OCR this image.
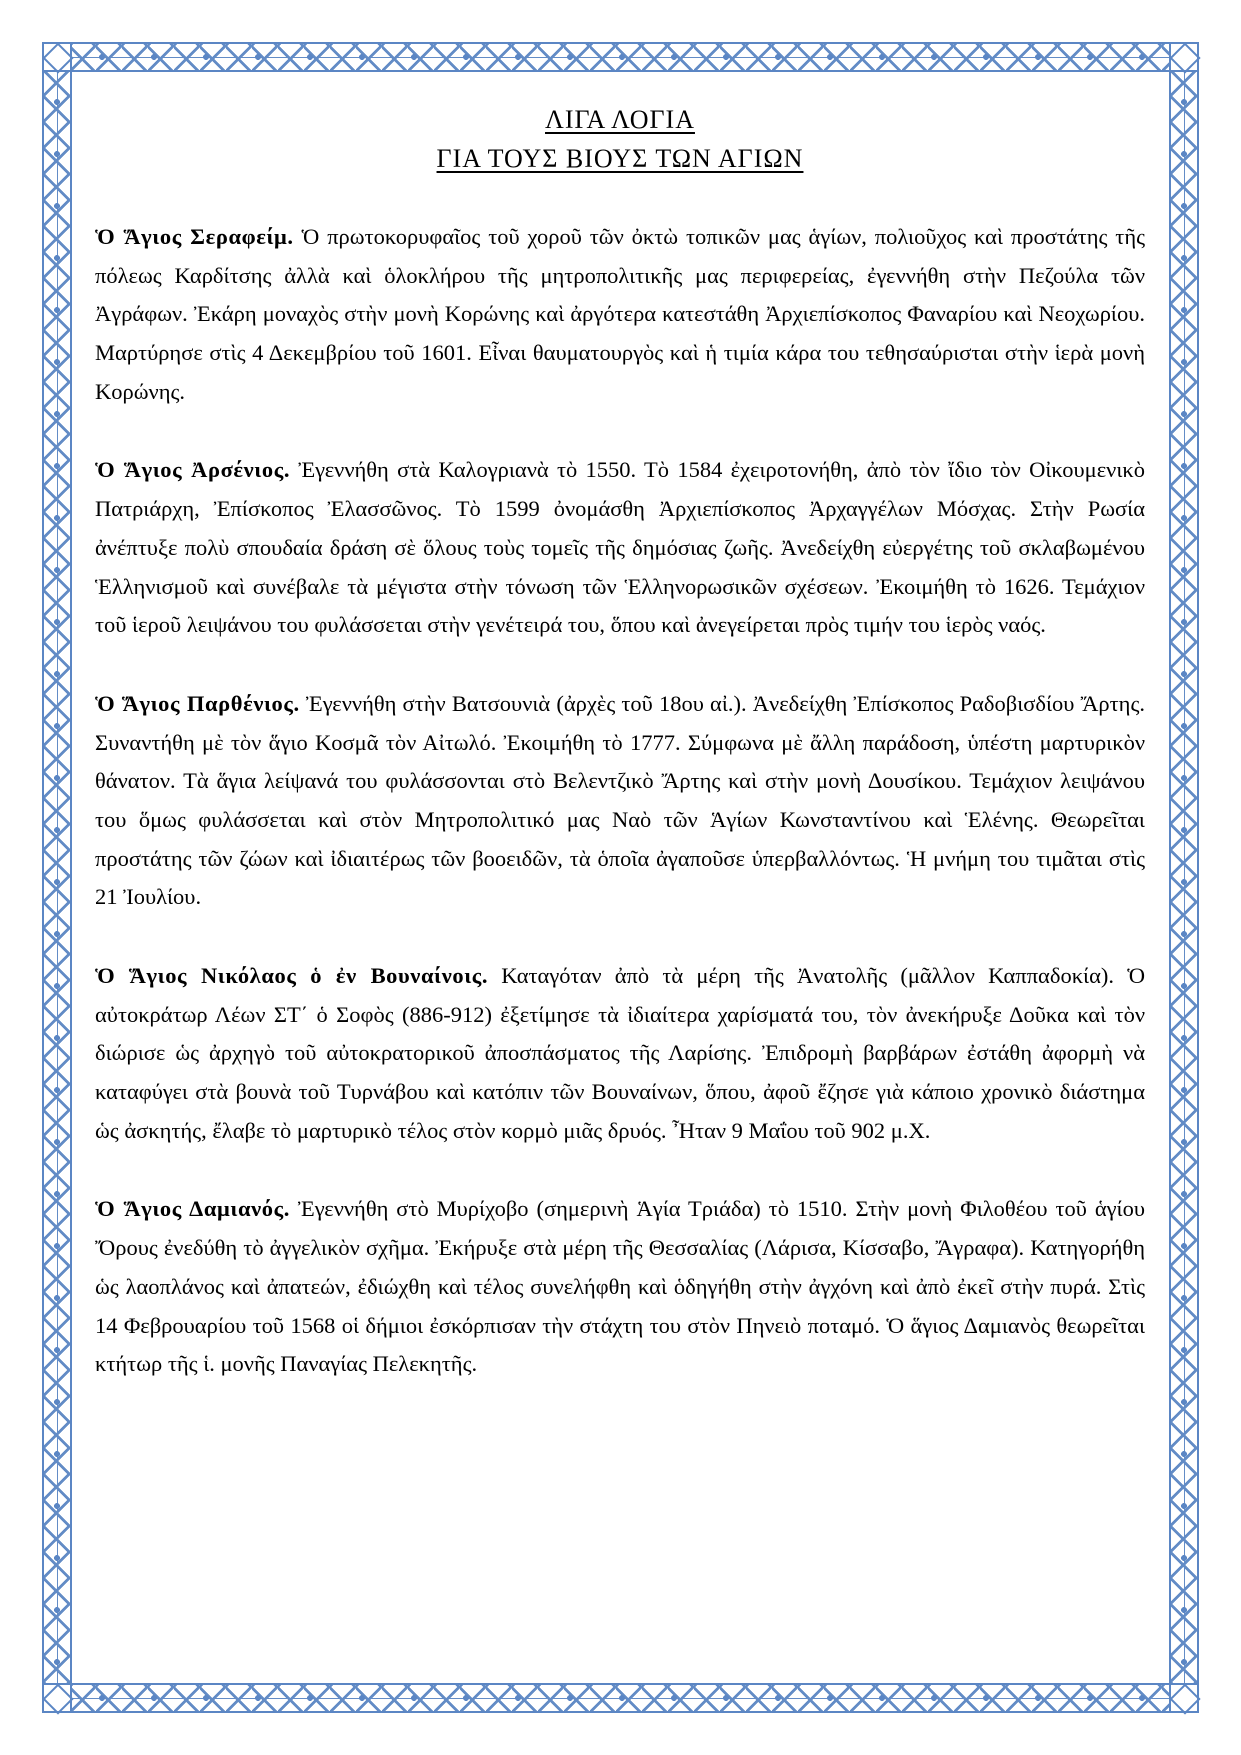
ΛΙΓΑ ΛΟΓΙΑ
ΓΙΑ ΤΟΥΣ ΒΙΟΥΣ ΤΩΝ ΑΓΙΩΝ

Ὁ Ἅγιος Σεραφείμ. Ὁ πρωτοκορυφαῖος τοῦ χοροῦ τῶν ὀκτὼ τοπικῶν μας ἁγίων, πολιοῦχος καὶ προστάτης τῆς πόλεως Καρδίτσης ἀλλὰ καὶ ὁλοκλήρου τῆς μητροπολιτικῆς μας περιφερείας, ἐγεννήθη στὴν Πεζούλα τῶν Ἀγράφων. Ἐκάρη μοναχὸς στὴν μονὴ Κορώνης καὶ ἀργότερα κατεστάθη Ἀρχιεπίσκοπος Φαναρίου καὶ Νεοχωρίου. Μαρτύρησε στὶς 4 Δεκεμβρίου τοῦ 1601. Εἶναι θαυματουργὸς καὶ ἡ τιμία κάρα του τεθησαύρισται στὴν ἱερὰ μονὴ Κορώνης.

Ὁ Ἅγιος Ἀρσένιος. Ἐγεννήθη στὰ Καλογριανὰ τὸ 1550. Τὸ 1584 ἐχειροτονήθη, ἀπὸ τὸν ἴδιο τὸν Οἰκουμενικὸ Πατριάρχη, Ἐπίσκοπος Ἐλασσῶνος. Τὸ 1599 ὀνομάσθη Ἀρχιεπίσκοπος Ἀρχαγγέλων Μόσχας. Στὴν Ρωσία ἀνέπτυξε πολὺ σπουδαία δράση σὲ ὅλους τοὺς τομεῖς τῆς δημόσιας ζωῆς. Ἀνεδείχθη εὐεργέτης τοῦ σκλαβωμένου Ἑλληνισμοῦ καὶ συνέβαλε τὰ μέγιστα στὴν τόνωση τῶν Ἑλληνορωσικῶν σχέσεων. Ἐκοιμήθη τὸ 1626. Τεμάχιον τοῦ ἱεροῦ λειψάνου του φυλάσσεται στὴν γενέτειρά του, ὅπου καὶ ἀνεγείρεται πρὸς τιμήν του ἱερὸς ναός.

Ὁ Ἅγιος Παρθένιος. Ἐγεννήθη στὴν Βατσουνιὰ (ἀρχὲς τοῦ 18ου αἰ.). Ἀνεδείχθη Ἐπίσκοπος Ραδοβισδίου Ἄρτης. Συναντήθη μὲ τὸν ἅγιο Κοσμᾶ τὸν Αἰτωλό. Ἐκοιμήθη τὸ 1777. Σύμφωνα μὲ ἄλλη παράδοση, ὑπέστη μαρτυρικὸν θάνατον. Τὰ ἅγια λείψανά του φυλάσσονται στὸ Βελεντζικὸ Ἄρτης καὶ στὴν μονὴ Δουσίκου. Τεμάχιον λειψάνου του ὅμως φυλάσσεται καὶ στὸν Μητροπολιτικό μας Ναὸ τῶν Ἁγίων Κωνσταντίνου καὶ Ἑλένης. Θεωρεῖται προστάτης τῶν ζώων καὶ ἰδιαιτέρως τῶν βοοειδῶν, τὰ ὁποῖα ἀγαποῦσε ὑπερβαλλόντως. Ἡ μνήμη του τιμᾶται στὶς 21 Ἰουλίου.

Ὁ Ἅγιος Νικόλαος ὁ ἐν Βουναίνοις. Καταγόταν ἀπὸ τὰ μέρη τῆς Ἀνατολῆς (μᾶλλον Καππαδοκία). Ὁ αὐτοκράτωρ Λέων ΣΤ΄ ὁ Σοφὸς (886-912) ἐξετίμησε τὰ ἰδιαίτερα χαρίσματά του, τὸν ἀνεκήρυξε Δοῦκα καὶ τὸν διώρισε ὡς ἀρχηγὸ τοῦ αὐτοκρατορικοῦ ἀποσπάσματος τῆς Λαρίσης. Ἐπιδρομὴ βαρβάρων ἐστάθη ἀφορμὴ νὰ καταφύγει στὰ βουνὰ τοῦ Τυρνάβου καὶ κατόπιν τῶν Βουναίνων, ὅπου, ἀφοῦ ἔζησε γιὰ κάποιο χρονικὸ διάστημα ὡς ἀσκητής, ἔλαβε τὸ μαρτυρικὸ τέλος στὸν κορμὸ μιᾶς δρυός. Ἦταν 9 Μαΐου τοῦ 902 μ.Χ.

Ὁ Ἅγιος Δαμιανός. Ἐγεννήθη στὸ Μυρίχοβο (σημερινὴ Ἁγία Τριάδα) τὸ 1510. Στὴν μονὴ Φιλοθέου τοῦ ἁγίου Ὄρους ἐνεδύθη τὸ ἀγγελικὸν σχῆμα. Ἐκήρυξε στὰ μέρη τῆς Θεσσαλίας (Λάρισα, Κίσσαβο, Ἄγραφα). Κατηγορήθη ὡς λαοπλάνος καὶ ἀπατεών, ἐδιώχθη καὶ τέλος συνελήφθη καὶ ὁδηγήθη στὴν ἀγχόνη καὶ ἀπὸ ἐκεῖ στὴν πυρά. Στὶς 14 Φεβρουαρίου τοῦ 1568 οἱ δήμιοι ἐσκόρπισαν τὴν στάχτη του στὸν Πηνειὸ ποταμό. Ὁ ἅγιος Δαμιανὸς θεωρεῖται κτήτωρ τῆς ἱ. μονῆς Παναγίας Πελεκητῆς.
